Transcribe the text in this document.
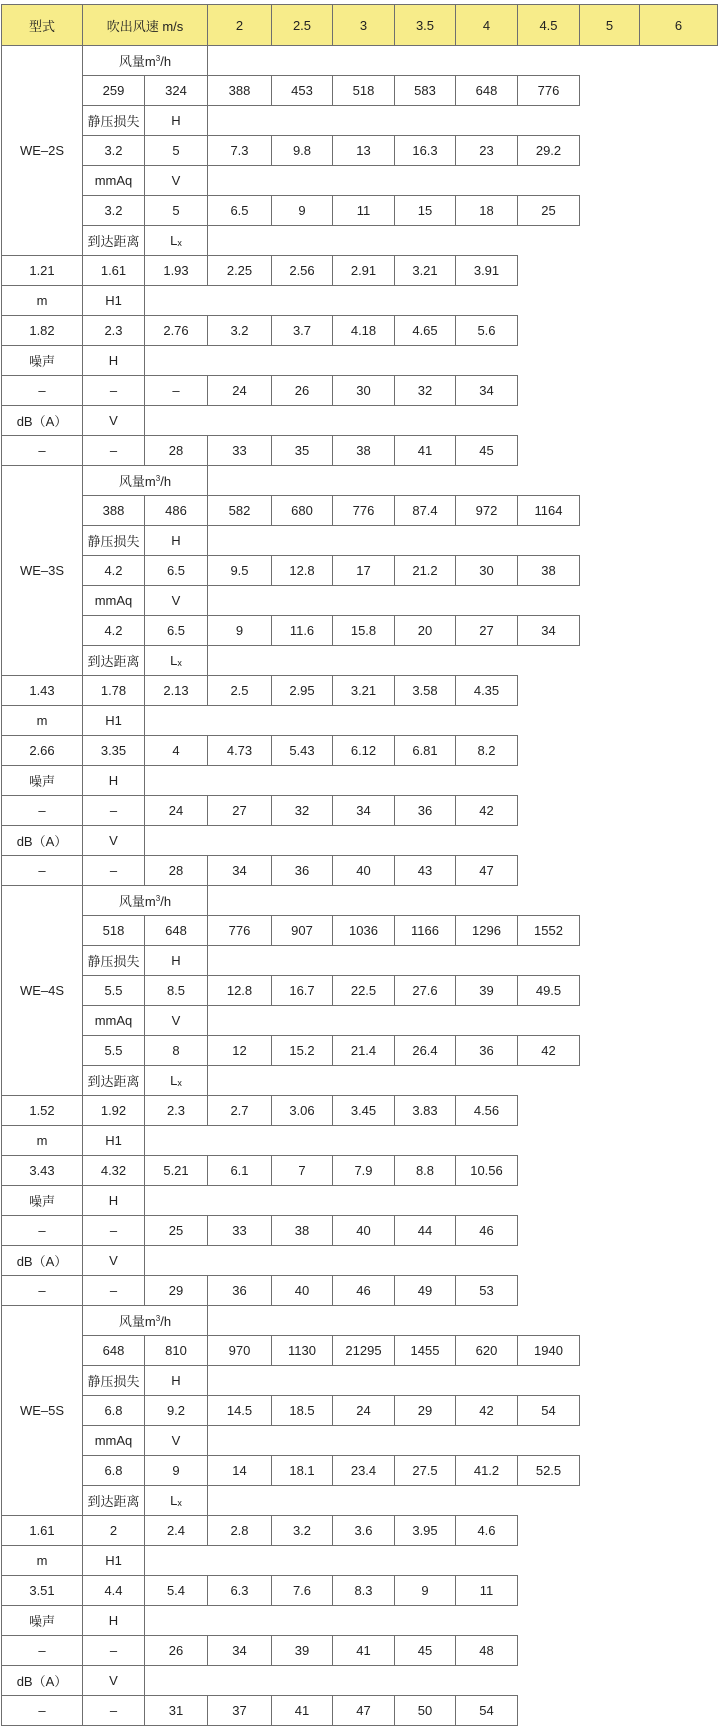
型式	吹出风速 m/s		2	2.5	3	3.5	4	4.5	5	6
WE–2S	风量$m^3/h$									
	259	324	388	453	518	583	648	776		
	静压损失	H								
	3.2	5	7.3	9.8	13	16.3	23	29.2		
	mmAq	V								
	3.2	5	6.5	9	11	15	18	25		
	到达距离	Lx								
1.21	1.61	1.93	2.25	2.56	2.91	3.21	3.91			
m	H1									
1.82	2.3	2.76	3.2	3.7	4.18	4.65	5.6			
噪声	H									
–	–	–	24	26	30	32	34			
dB（A）	V									
–	–	28	33	35	38	41	45			
WE–3S	风量$m^3/h$									
	388	486	582	680	776	87.4	972	1164		
	静压损失	H								
	4.2	6.5	9.5	12.8	17	21.2	30	38		
	mmAq	V								
	4.2	6.5	9	11.6	15.8	20	27	34		
	到达距离	Lx								
1.43	1.78	2.13	2.5	2.95	3.21	3.58	4.35			
m	H1									
2.66	3.35	4	4.73	5.43	6.12	6.81	8.2			
噪声	H									
–	–	24	27	32	34	36	42			
dB（A）	V									
–	–	28	34	36	40	43	47			
WE–4S	风量$m^3/h$									
	518	648	776	907	1036	1166	1296	1552		
	静压损失	H								
	5.5	8.5	12.8	16.7	22.5	27.6	39	49.5		
	mmAq	V								
	5.5	8	12	15.2	21.4	26.4	36	42		
	到达距离	Lx								
1.52	1.92	2.3	2.7	3.06	3.45	3.83	4.56			
m	H1									
3.43	4.32	5.21	6.1	7	7.9	8.8	10.56			
噪声	H									
–	–	25	33	38	40	44	46			
dB（A）	V									
–	–	29	36	40	46	49	53			
WE–5S	风量$m^3/h$									
	648	810	970	1130	21295	1455	620	1940		
	静压损失	H								
	6.8	9.2	14.5	18.5	24	29	42	54		
	mmAq	V								
	6.8	9	14	18.1	23.4	27.5	41.2	52.5		
	到达距离	Lx								
1.61	2	2.4	2.8	3.2	3.6	3.95	4.6			
m	H1									
3.51	4.4	5.4	6.3	7.6	8.3	9	11			
噪声	H									
–	–	26	34	39	41	45	48			
dB（A）	V									
–	–	31	37	41	47	50	54			
